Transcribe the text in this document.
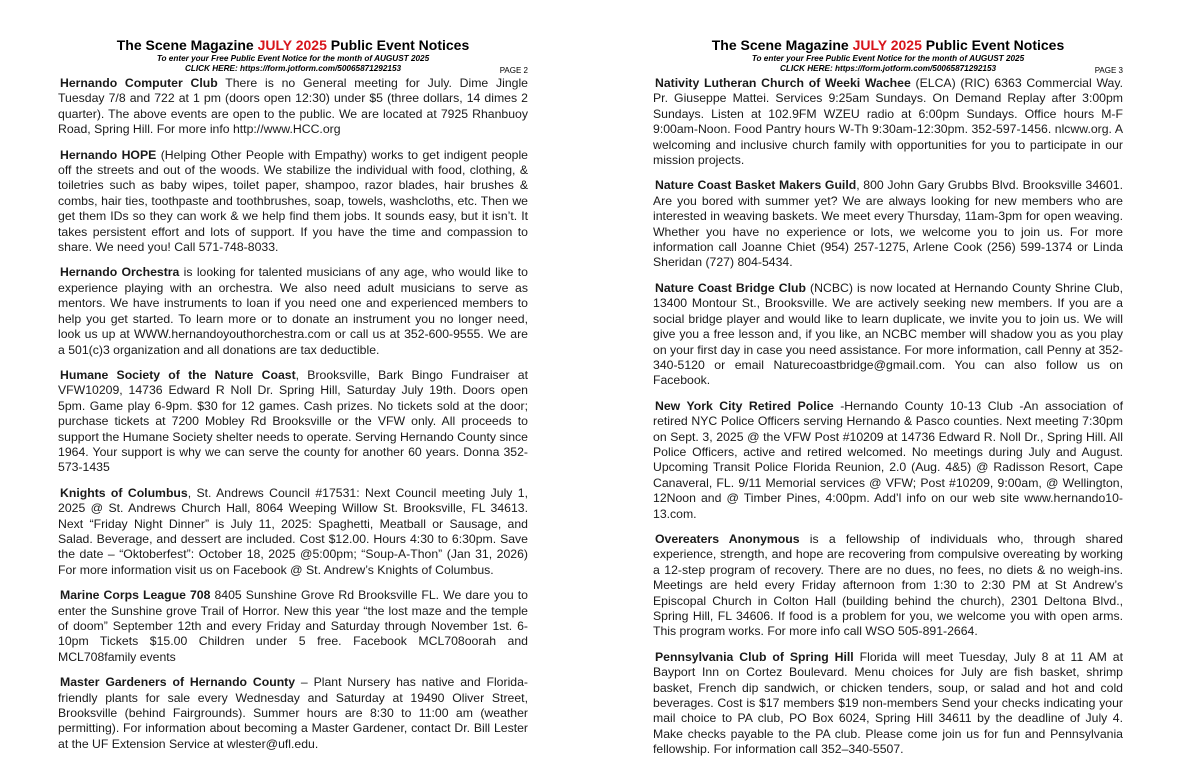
The Scene Magazine JULY 2025 Public Event Notices
To enter your Free Public Event Notice for the month of AUGUST 2025
CLICK HERE: https://form.jotform.com/50065871292153	PAGE 2

Hernando Computer Club There is no General meeting for July. Dime Jingle Tuesday 7/8 and 722 at 1 pm (doors open 12:30) under $5 (three dollars, 14 dimes 2 quarter). The above events are open to the public. We are located at 7925 Rhanbuoy Road, Spring Hill. For more info http://www.HCC.org

Hernando HOPE (Helping Other People with Empathy) works to get indigent people off the streets and out of the woods. We stabilize the individual with food, clothing, & toiletries such as baby wipes, toilet paper, shampoo, razor blades, hair brushes & combs, hair ties, toothpaste and toothbrushes, soap, towels, washcloths, etc. Then we get them IDs so they can work & we help find them jobs. It sounds easy, but it isn’t. It takes persistent effort and lots of support. If you have the time and compassion to share. We need you! Call 571-748-8033.

Hernando Orchestra is looking for talented musicians of any age, who would like to experience playing with an orchestra. We also need adult musicians to serve as mentors. We have instruments to loan if you need one and experienced members to help you get started. To learn more or to donate an instrument you no longer need, look us up at WWW.hernandoyouthorchestra.com or call us at 352-600-9555. We are a 501(c)3 organization and all donations are tax deductible.

Humane Society of the Nature Coast, Brooksville, Bark Bingo Fundraiser at VFW10209, 14736 Edward R Noll Dr. Spring Hill, Saturday July 19th. Doors open 5pm. Game play 6-9pm. $30 for 12 games. Cash prizes. No tickets sold at the door; purchase tickets at 7200 Mobley Rd Brooksville or the VFW only. All proceeds to support the Humane Society shelter needs to operate. Serving Hernando County since 1964. Your support is why we can serve the county for another 60 years. Donna 352-573-1435

Knights of Columbus, St. Andrews Council #17531: Next Council meeting July 1, 2025 @ St. Andrews Church Hall, 8064 Weeping Willow St. Brooksville, FL 34613. Next “Friday Night Dinner” is July 11, 2025: Spaghetti, Meatball or Sausage, and Salad. Beverage, and dessert are included. Cost $12.00. Hours 4:30 to 6:30pm. Save the date – “Oktoberfest”: October 18, 2025 @5:00pm; “Soup-A-Thon” (Jan 31, 2026) For more information visit us on Facebook @ St. Andrew’s Knights of Columbus.

Marine Corps League 708 8405 Sunshine Grove Rd Brooksville FL. We dare you to enter the Sunshine grove Trail of Horror. New this year “the lost maze and the temple of doom” September 12th and every Friday and Saturday through November 1st. 6-10pm Tickets $15.00 Children under 5 free. Facebook MCL708oorah and MCL708family events

Master Gardeners of Hernando County – Plant Nursery has native and Florida-friendly plants for sale every Wednesday and Saturday at 19490 Oliver Street, Brooksville (behind Fairgrounds). Summer hours are 8:30 to 11:00 am (weather permitting). For information about becoming a Master Gardener, contact Dr. Bill Lester at the UF Extension Service at wlester@ufl.edu.

The Scene Magazine JULY 2025 Public Event Notices
To enter your Free Public Event Notice for the month of AUGUST 2025
CLICK HERE: https://form.jotform.com/50065871292153	PAGE 3

Nativity Lutheran Church of Weeki Wachee (ELCA) (RIC) 6363 Commercial Way. Pr. Giuseppe Mattei. Services 9:25am Sundays. On Demand Replay after 3:00pm Sundays. Listen at 102.9FM WZEU radio at 6:00pm Sundays. Office hours M-F 9:00am-Noon. Food Pantry hours W-Th 9:30am-12:30pm. 352-597-1456. nlcww.org. A welcoming and inclusive church family with opportunities for you to participate in our mission projects.

Nature Coast Basket Makers Guild, 800 John Gary Grubbs Blvd. Brooksville 34601. Are you bored with summer yet? We are always looking for new members who are interested in weaving baskets. We meet every Thursday, 11am-3pm for open weaving. Whether you have no experience or lots, we welcome you to join us. For more information call Joanne Chiet (954) 257-1275, Arlene Cook (256) 599-1374 or Linda Sheridan (727) 804-5434.

Nature Coast Bridge Club (NCBC) is now located at Hernando County Shrine Club, 13400 Montour St., Brooksville. We are actively seeking new members. If you are a social bridge player and would like to learn duplicate, we invite you to join us. We will give you a free lesson and, if you like, an NCBC member will shadow you as you play on your first day in case you need assistance. For more information, call Penny at 352-340-5120 or email Naturecoastbridge@gmail.com. You can also follow us on Facebook.

New York City Retired Police -Hernando County 10-13 Club -An association of retired NYC Police Officers serving Hernando & Pasco counties. Next meeting 7:30pm on Sept. 3, 2025 @ the VFW Post #10209 at 14736 Edward R. Noll Dr., Spring Hill. All Police Officers, active and retired welcomed. No meetings during July and August. Upcoming Transit Police Florida Reunion, 2.0 (Aug. 4&5) @ Radisson Resort, Cape Canaveral, FL. 9/11 Memorial services @ VFW; Post #10209, 9:00am, @ Wellington, 12Noon and @ Timber Pines, 4:00pm. Add’l info on our web site www.hernando10-13.com.

Overeaters Anonymous is a fellowship of individuals who, through shared experience, strength, and hope are recovering from compulsive overeating by working a 12-step program of recovery. There are no dues, no fees, no diets & no weigh-ins. Meetings are held every Friday afternoon from 1:30 to 2:30 PM at St Andrew’s Episcopal Church in Colton Hall (building behind the church), 2301 Deltona Blvd., Spring Hill, FL 34606. If food is a problem for you, we welcome you with open arms. This program works. For more info call WSO 505-891-2664.

Pennsylvania Club of Spring Hill Florida will meet Tuesday, July 8 at 11 AM at Bayport Inn on Cortez Boulevard. Menu choices for July are fish basket, shrimp basket, French dip sandwich, or chicken tenders, soup, or salad and hot and cold beverages. Cost is $17 members $19 non-members Send your checks indicating your mail choice to PA club, PO Box 6024, Spring Hill 34611 by the deadline of July 4. Make checks payable to the PA club. Please come join us for fun and Pennsylvania fellowship. For information call 352–340-5507.
